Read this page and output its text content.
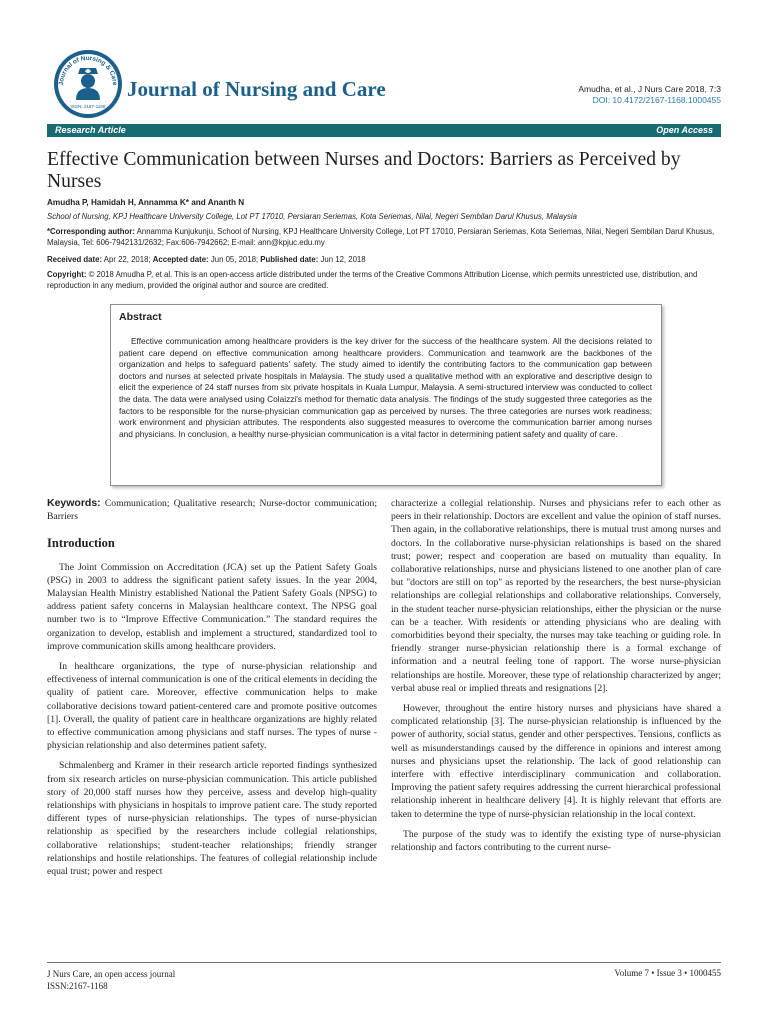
Journal of Nursing & Care
ISSN: 2167-1168
Journal of Nursing and Care	Amudha, et al., J Nurs Care 2018, 7:3
DOI: 10.4172/2167-1168.1000455
Research Article	Open Access
Effective Communication between Nurses and Doctors: Barriers as Perceived by Nurses
Amudha P, Hamidah H, Annamma K* and Ananth N
School of Nursing, KPJ Healthcare University College, Lot PT 17010, Persiaran Seriemas, Kota Seriemas, Nilai, Negeri Sembilan Darul Khusus, Malaysia
*Corresponding author: Annamma Kunjukunju, School of Nursing, KPJ Healthcare University College, Lot PT 17010, Persiaran Seriemas, Kota Seriemas, Nilai, Negeri Sembilan Darul Khusus, Malaysia, Tel: 606-7942131/2632; Fax:606-7942662; E-mail: ann@kpjuc.edu.my
Received date: Apr 22, 2018; Accepted date: Jun 05, 2018; Published date: Jun 12, 2018
Copyright: © 2018 Amudha P, et al. This is an open-access article distributed under the terms of the Creative Commons Attribution License, which permits unrestricted use, distribution, and reproduction in any medium, provided the original author and source are credited.
Abstract
Effective communication among healthcare providers is the key driver for the success of the healthcare system. All the decisions related to patient care depend on effective communication among healthcare providers. Communication and teamwork are the backbones of the organization and helps to safeguard patients' safety. The study aimed to identify the contributing factors to the communication gap between doctors and nurses at selected private hospitals in Malaysia. The study used a qualitative method with an explorative and descriptive design to elicit the experience of 24 staff nurses from six private hospitals in Kuala Lumpur, Malaysia. A semi-structured interview was conducted to collect the data. The data were analysed using Colaizzi's method for thematic data analysis. The findings of the study suggested three categories as the factors to be responsible for the nurse-physician communication gap as perceived by nurses. The three categories are nurses work readiness; work environment and physician attributes. The respondents also suggested measures to overcome the communication barrier among nurses and physicians. In conclusion, a healthy nurse-physician communication is a vital factor in determining patient safety and quality of care.

Keywords: Communication; Qualitative research; Nurse-doctor communication; Barriers

Introduction

The Joint Commission on Accreditation (JCA) set up the Patient Safety Goals (PSG) in 2003 to address the significant patient safety issues. In the year 2004, Malaysian Health Ministry established National the Patient Safety Goals (NPSG) to address patient safety concerns in Malaysian healthcare context. The NPSG goal number two is to “Improve Effective Communication.” The standard requires the organization to develop, establish and implement a structured, standardized tool to improve communication skills among healthcare providers.

In healthcare organizations, the type of nurse-physician relationship and effectiveness of internal communication is one of the critical elements in deciding the quality of patient care. Moreover, effective communication helps to make collaborative decisions toward patient-centered care and promote positive outcomes [1]. Overall, the quality of patient care in healthcare organizations are highly related to effective communication among physicians and staff nurses. The types of nurse -physician relationship and also determines patient safety.

Schmalenberg and Kramer in their research article reported findings synthesized from six research articles on nurse-physician communication. This article published story of 20,000 staff nurses how they perceive, assess and develop high-quality relationships with physicians in hospitals to improve patient care. The study reported different types of nurse-physician relationships. The types of nurse-physician relationship as specified by the researchers include collegial relationships, collaborative relationships; student-teacher relationships; friendly stranger relationships and hostile relationships. The features of collegial relationship include equal trust; power and respect

characterize a collegial relationship. Nurses and physicians refer to each other as peers in their relationship. Doctors are excellent and value the opinion of staff nurses. Then again, in the collaborative relationships, there is mutual trust among nurses and doctors. In the collaborative nurse-physician relationships is based on the shared trust; power; respect and cooperation are based on mutuality than equality. In collaborative relationships, nurse and physicians listened to one another plan of care but "doctors are still on top" as reported by the researchers, the best nurse-physician relationships are collegial relationships and collaborative relationships. Conversely, in the student teacher nurse-physician relationships, either the physician or the nurse can be a teacher. With residents or attending physicians who are dealing with comorbidities beyond their specialty, the nurses may take teaching or guiding role. In friendly stranger nurse-physician relationship there is a formal exchange of information and a neutral feeling tone of rapport. The worse nurse-physician relationships are hostile. Moreover, these type of relationship characterized by anger; verbal abuse real or implied threats and resignations [2].

However, throughout the entire history nurses and physicians have shared a complicated relationship [3]. The nurse-physician relationship is influenced by the power of authority, social status, gender and other perspectives. Tensions, conflicts as well as misunderstandings caused by the difference in opinions and interest among nurses and physicians upset the relationship. The lack of good relationship can interfere with effective interdisciplinary communication and collaboration. Improving the patient safety requires addressing the current hierarchical professional relationship inherent in healthcare delivery [4]. It is highly relevant that efforts are taken to determine the type of nurse-physician relationship in the local context.

The purpose of the study was to identify the existing type of nurse-physician relationship and factors contributing to the current nurse-

J Nurs Care, an open access journal
ISSN:2167-1168
Volume 7 • Issue 3 • 1000455
